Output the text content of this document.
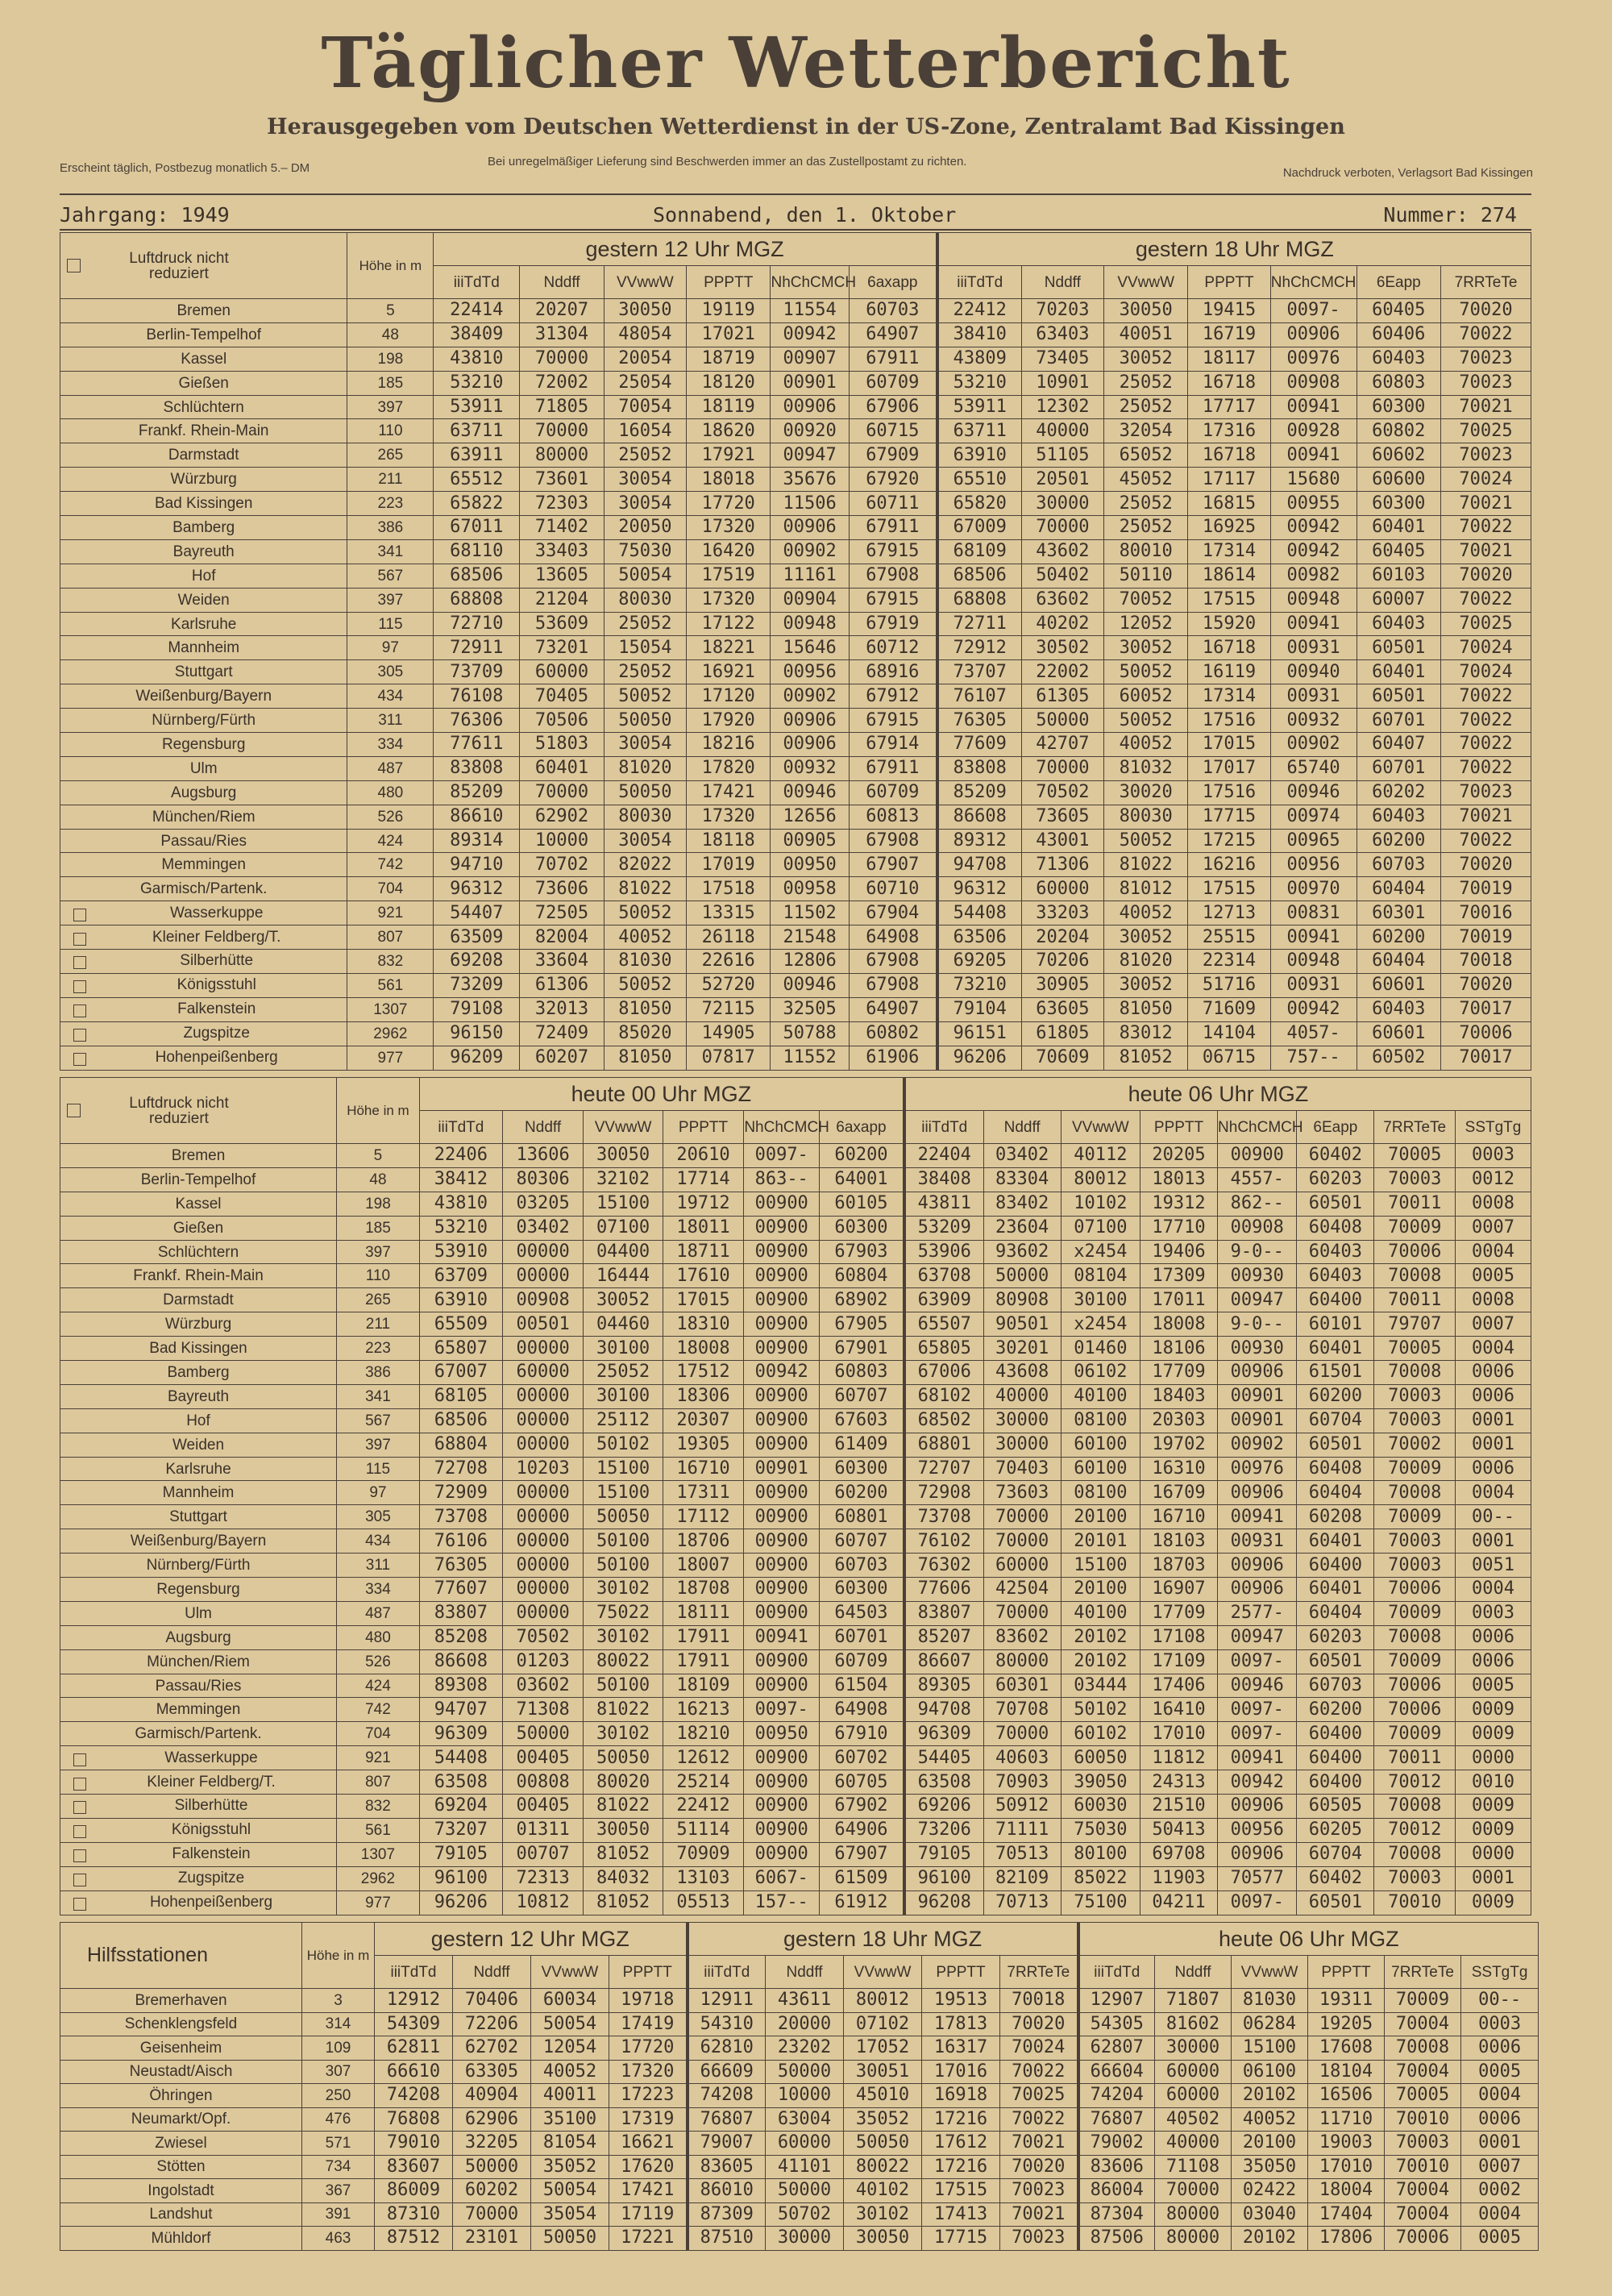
Täglicher Wetterbericht
Herausgegeben vom Deutschen Wetterdienst in der US-Zone, Zentralamt Bad Kissingen
Erscheint täglich, Postbezug monatlich 5.– DM	Bei unregelmäßiger Lieferung sind Beschwerden immer an das Zustellpostamt zu richten.
Nachdruck verboten, Verlagsort Bad Kissingen
Jahrgang: 1949	Sonnabend, den 1. Oktober	Nummer: 274
Luftdruck nicht reduziert	Höhe in m	gestern 12 Uhr MGZ						gestern 18 Uhr MGZ						
		iiiTdTd	Nddff	VVwwW	PPPTT	NhChCMCH	6axapp	iiiTdTd	Nddff	VVwwW	PPPTT	NhChCMCH	6Eapp	7RRTeTe
Bremen	5	22414	20207	30050	19119	11554	60703	22412	70203	30050	19415	0097-	60405	70020
Berlin-Tempelhof	48	38409	31304	48054	17021	00942	64907	38410	63403	40051	16719	00906	60406	70022
Kassel	198	43810	70000	20054	18719	00907	67911	43809	73405	30052	18117	00976	60403	70023
Gießen	185	53210	72002	25054	18120	00901	60709	53210	10901	25052	16718	00908	60803	70023
Schlüchtern	397	53911	71805	70054	18119	00906	67906	53911	12302	25052	17717	00941	60300	70021
Frankf. Rhein-Main	110	63711	70000	16054	18620	00920	60715	63711	40000	32054	17316	00928	60802	70025
Darmstadt	265	63911	80000	25052	17921	00947	67909	63910	51105	65052	16718	00941	60602	70023
Würzburg	211	65512	73601	30054	18018	35676	67920	65510	20501	45052	17117	15680	60600	70024
Bad Kissingen	223	65822	72303	30054	17720	11506	60711	65820	30000	25052	16815	00955	60300	70021
Bamberg	386	67011	71402	20050	17320	00906	67911	67009	70000	25052	16925	00942	60401	70022
Bayreuth	341	68110	33403	75030	16420	00902	67915	68109	43602	80010	17314	00942	60405	70021
Hof	567	68506	13605	50054	17519	11161	67908	68506	50402	50110	18614	00982	60103	70020
Weiden	397	68808	21204	80030	17320	00904	67915	68808	63602	70052	17515	00948	60007	70022
Karlsruhe	115	72710	53609	25052	17122	00948	67919	72711	40202	12052	15920	00941	60403	70025
Mannheim	97	72911	73201	15054	18221	15646	60712	72912	30502	30052	16718	00931	60501	70024
Stuttgart	305	73709	60000	25052	16921	00956	68916	73707	22002	50052	16119	00940	60401	70024
Weißenburg/Bayern	434	76108	70405	50052	17120	00902	67912	76107	61305	60052	17314	00931	60501	70022
Nürnberg/Fürth	311	76306	70506	50050	17920	00906	67915	76305	50000	50052	17516	00932	60701	70022
Regensburg	334	77611	51803	30054	18216	00906	67914	77609	42707	40052	17015	00902	60407	70022
Ulm	487	83808	60401	81020	17820	00932	67911	83808	70000	81032	17017	65740	60701	70022
Augsburg	480	85209	70000	50050	17421	00946	60709	85209	70502	30020	17516	00946	60202	70023
München/Riem	526	86610	62902	80030	17320	12656	60813	86608	73605	80030	17715	00974	60403	70021
Passau/Ries	424	89314	10000	30054	18118	00905	67908	89312	43001	50052	17215	00965	60200	70022
Memmingen	742	94710	70702	82022	17019	00950	67907	94708	71306	81022	16216	00956	60703	70020
Garmisch/Partenk.	704	96312	73606	81022	17518	00958	60710	96312	60000	81012	17515	00970	60404	70019

Wasserkuppe	921	54407	72505	50052	13315	11502	67904	54408	33203	40052	12713	00831	60301	70016

Kleiner Feldberg/T.	807	63509	82004	40052	26118	21548	64908	63506	20204	30052	25515	00941	60200	70019

Silberhütte	832	69208	33604	81030	22616	12806	67908	69205	70206	81020	22314	00948	60404	70018

Königsstuhl	561	73209	61306	50052	52720	00946	67908	73210	30905	30052	51716	00931	60601	70020

Falkenstein	1307	79108	32013	81050	72115	32505	64907	79104	63605	81050	71609	00942	60403	70017

Zugspitze	2962	96150	72409	85020	14905	50788	60802	96151	61805	83012	14104	4057-	60601	70006

Hohenpeißenberg	977	96209	60207	81050	07817	11552	61906	96206	70609	81052	06715	757--	60502	70017
Luftdruck nicht reduziert	Höhe in m	heute 00 Uhr MGZ						heute 06 Uhr MGZ							
		iiiTdTd	Nddff	VVwwW	PPPTT	NhChCMCH	6axapp	iiiTdTd	Nddff	VVwwW	PPPTT	NhChCMCH	6Eapp	7RRTeTe	SSTgTg
Bremen	5	22406	13606	30050	20610	0097-	60200	22404	03402	40112	20205	00900	60402	70005	0003
Berlin-Tempelhof	48	38412	80306	32102	17714	863--	64001	38408	83304	80012	18013	4557-	60203	70003	0012
Kassel	198	43810	03205	15100	19712	00900	60105	43811	83402	10102	19312	862--	60501	70011	0008
Gießen	185	53210	03402	07100	18011	00900	60300	53209	23604	07100	17710	00908	60408	70009	0007
Schlüchtern	397	53910	00000	04400	18711	00900	67903	53906	93602	x2454	19406	9-0--	60403	70006	0004
Frankf. Rhein-Main	110	63709	00000	16444	17610	00900	60804	63708	50000	08104	17309	00930	60403	70008	0005
Darmstadt	265	63910	00908	30052	17015	00900	68902	63909	80908	30100	17011	00947	60400	70011	0008
Würzburg	211	65509	00501	04460	18310	00900	67905	65507	90501	x2454	18008	9-0--	60101	79707	0007
Bad Kissingen	223	65807	00000	30100	18008	00900	67901	65805	30201	01460	18106	00930	60401	70005	0004
Bamberg	386	67007	60000	25052	17512	00942	60803	67006	43608	06102	17709	00906	61501	70008	0006
Bayreuth	341	68105	00000	30100	18306	00900	60707	68102	40000	40100	18403	00901	60200	70003	0006
Hof	567	68506	00000	25112	20307	00900	67603	68502	30000	08100	20303	00901	60704	70003	0001
Weiden	397	68804	00000	50102	19305	00900	61409	68801	30000	60100	19702	00902	60501	70002	0001
Karlsruhe	115	72708	10203	15100	16710	00901	60300	72707	70403	60100	16310	00976	60408	70009	0006
Mannheim	97	72909	00000	15100	17311	00900	60200	72908	73603	08100	16709	00906	60404	70008	0004
Stuttgart	305	73708	00000	50050	17112	00900	60801	73708	70000	20100	16710	00941	60208	70009	00--
Weißenburg/Bayern	434	76106	00000	50100	18706	00900	60707	76102	70000	20101	18103	00931	60401	70003	0001
Nürnberg/Fürth	311	76305	00000	50100	18007	00900	60703	76302	60000	15100	18703	00906	60400	70003	0051
Regensburg	334	77607	00000	30102	18708	00900	60300	77606	42504	20100	16907	00906	60401	70006	0004
Ulm	487	83807	00000	75022	18111	00900	64503	83807	70000	40100	17709	2577-	60404	70009	0003
Augsburg	480	85208	70502	30102	17911	00941	60701	85207	83602	20102	17108	00947	60203	70008	0006
München/Riem	526	86608	01203	80022	17911	00900	60709	86607	80000	20102	17109	0097-	60501	70009	0006
Passau/Ries	424	89308	03602	50100	18109	00900	61504	89305	60301	03444	17406	00946	60703	70006	0005
Memmingen	742	94707	71308	81022	16213	0097-	64908	94708	70708	50102	16410	0097-	60200	70006	0009
Garmisch/Partenk.	704	96309	50000	30102	18210	00950	67910	96309	70000	60102	17010	0097-	60400	70009	0009

Wasserkuppe	921	54408	00405	50050	12612	00900	60702	54405	40603	60050	11812	00941	60400	70011	0000

Kleiner Feldberg/T.	807	63508	00808	80020	25214	00900	60705	63508	70903	39050	24313	00942	60400	70012	0010

Silberhütte	832	69204	00405	81022	22412	00900	67902	69206	50912	60030	21510	00906	60505	70008	0009

Königsstuhl	561	73207	01311	30050	51114	00900	64906	73206	71111	75030	50413	00956	60205	70012	0009

Falkenstein	1307	79105	00707	81052	70909	00900	67907	79105	70513	80100	69708	00906	60704	70008	0000

Zugspitze	2962	96100	72313	84032	13103	6067-	61509	96100	82109	85022	11903	70577	60402	70003	0001

Hohenpeißenberg	977	96206	10812	81052	05513	157--	61912	96208	70713	75100	04211	0097-	60501	70010	0009
Hilfsstationen	Höhe in m	gestern 12 Uhr MGZ				gestern 18 Uhr MGZ					heute 06 Uhr MGZ					
		iiiTdTd	Nddff	VVwwW	PPPTT	iiiTdTd	Nddff	VVwwW	PPPTT	7RRTeTe	iiiTdTd	Nddff	VVwwW	PPPTT	7RRTeTe	SSTgTg
Bremerhaven	3	12912	70406	60034	19718	12911	43611	80012	19513	70018	12907	71807	81030	19311	70009	00--
Schenklengsfeld	314	54309	72206	50054	17419	54310	20000	07102	17813	70020	54305	81602	06284	19205	70004	0003
Geisenheim	109	62811	62702	12054	17720	62810	23202	17052	16317	70024	62807	30000	15100	17608	70008	0006
Neustadt/Aisch	307	66610	63305	40052	17320	66609	50000	30051	17016	70022	66604	60000	06100	18104	70004	0005
Öhringen	250	74208	40904	40011	17223	74208	10000	45010	16918	70025	74204	60000	20102	16506	70005	0004
Neumarkt/Opf.	476	76808	62906	35100	17319	76807	63004	35052	17216	70022	76807	40502	40052	11710	70010	0006
Zwiesel	571	79010	32205	81054	16621	79007	60000	50050	17612	70021	79002	40000	20100	19003	70003	0001
Stötten	734	83607	50000	35052	17620	83605	41101	80022	17216	70020	83606	71108	35050	17010	70010	0007
Ingolstadt	367	86009	60202	50054	17421	86010	50000	40102	17515	70023	86004	70000	02422	18004	70004	0002
Landshut	391	87310	70000	35054	17119	87309	50702	30102	17413	70021	87304	80000	03040	17404	70004	0004
Mühldorf	463	87512	23101	50050	17221	87510	30000	30050	17715	70023	87506	80000	20102	17806	70006	0005
